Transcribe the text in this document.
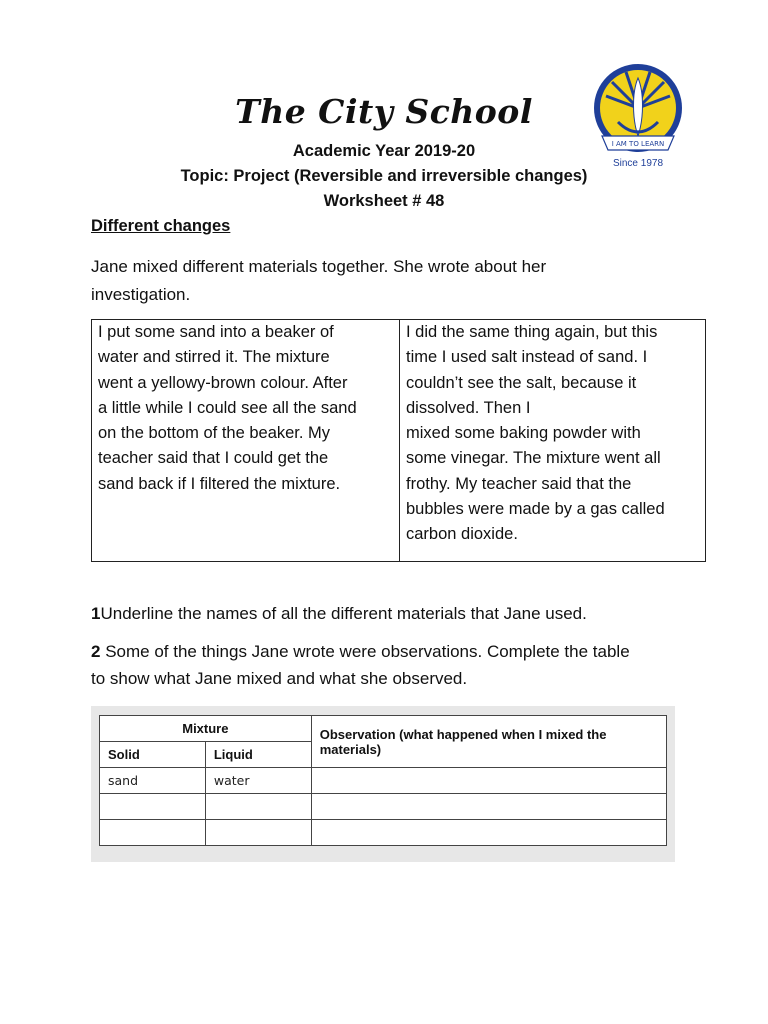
The City School
Academic Year 2019-20
Topic: Project (Reversible and irreversible changes)
Worksheet # 48
I AM TO LEARN
Since 1978
Different changes
Jane mixed different materials together. She wrote about her
investigation.

I put some sand into a beaker of

water and stirred it. The mixture

went a yellowy-brown colour. After

a little while I could see all the sand

on the bottom of the beaker. My

teacher said that I could get the

sand back if I filtered the mixture.

I did the same thing again, but this

time I used salt instead of sand. I

couldn’t see the salt, because it

dissolved. Then I

mixed some baking powder with

some vinegar. The mixture went all

frothy. My teacher said that the

bubbles were made by a gas called

carbon dioxide.

1Underline the names of all the different materials that Jane used.
2 Some of the things Jane wrote were observations. Complete the table
to show what Jane mixed and what she observed.
Mixture		Observation (what happened when I mixed the materials)
Solid	Liquid	
sand	water	
